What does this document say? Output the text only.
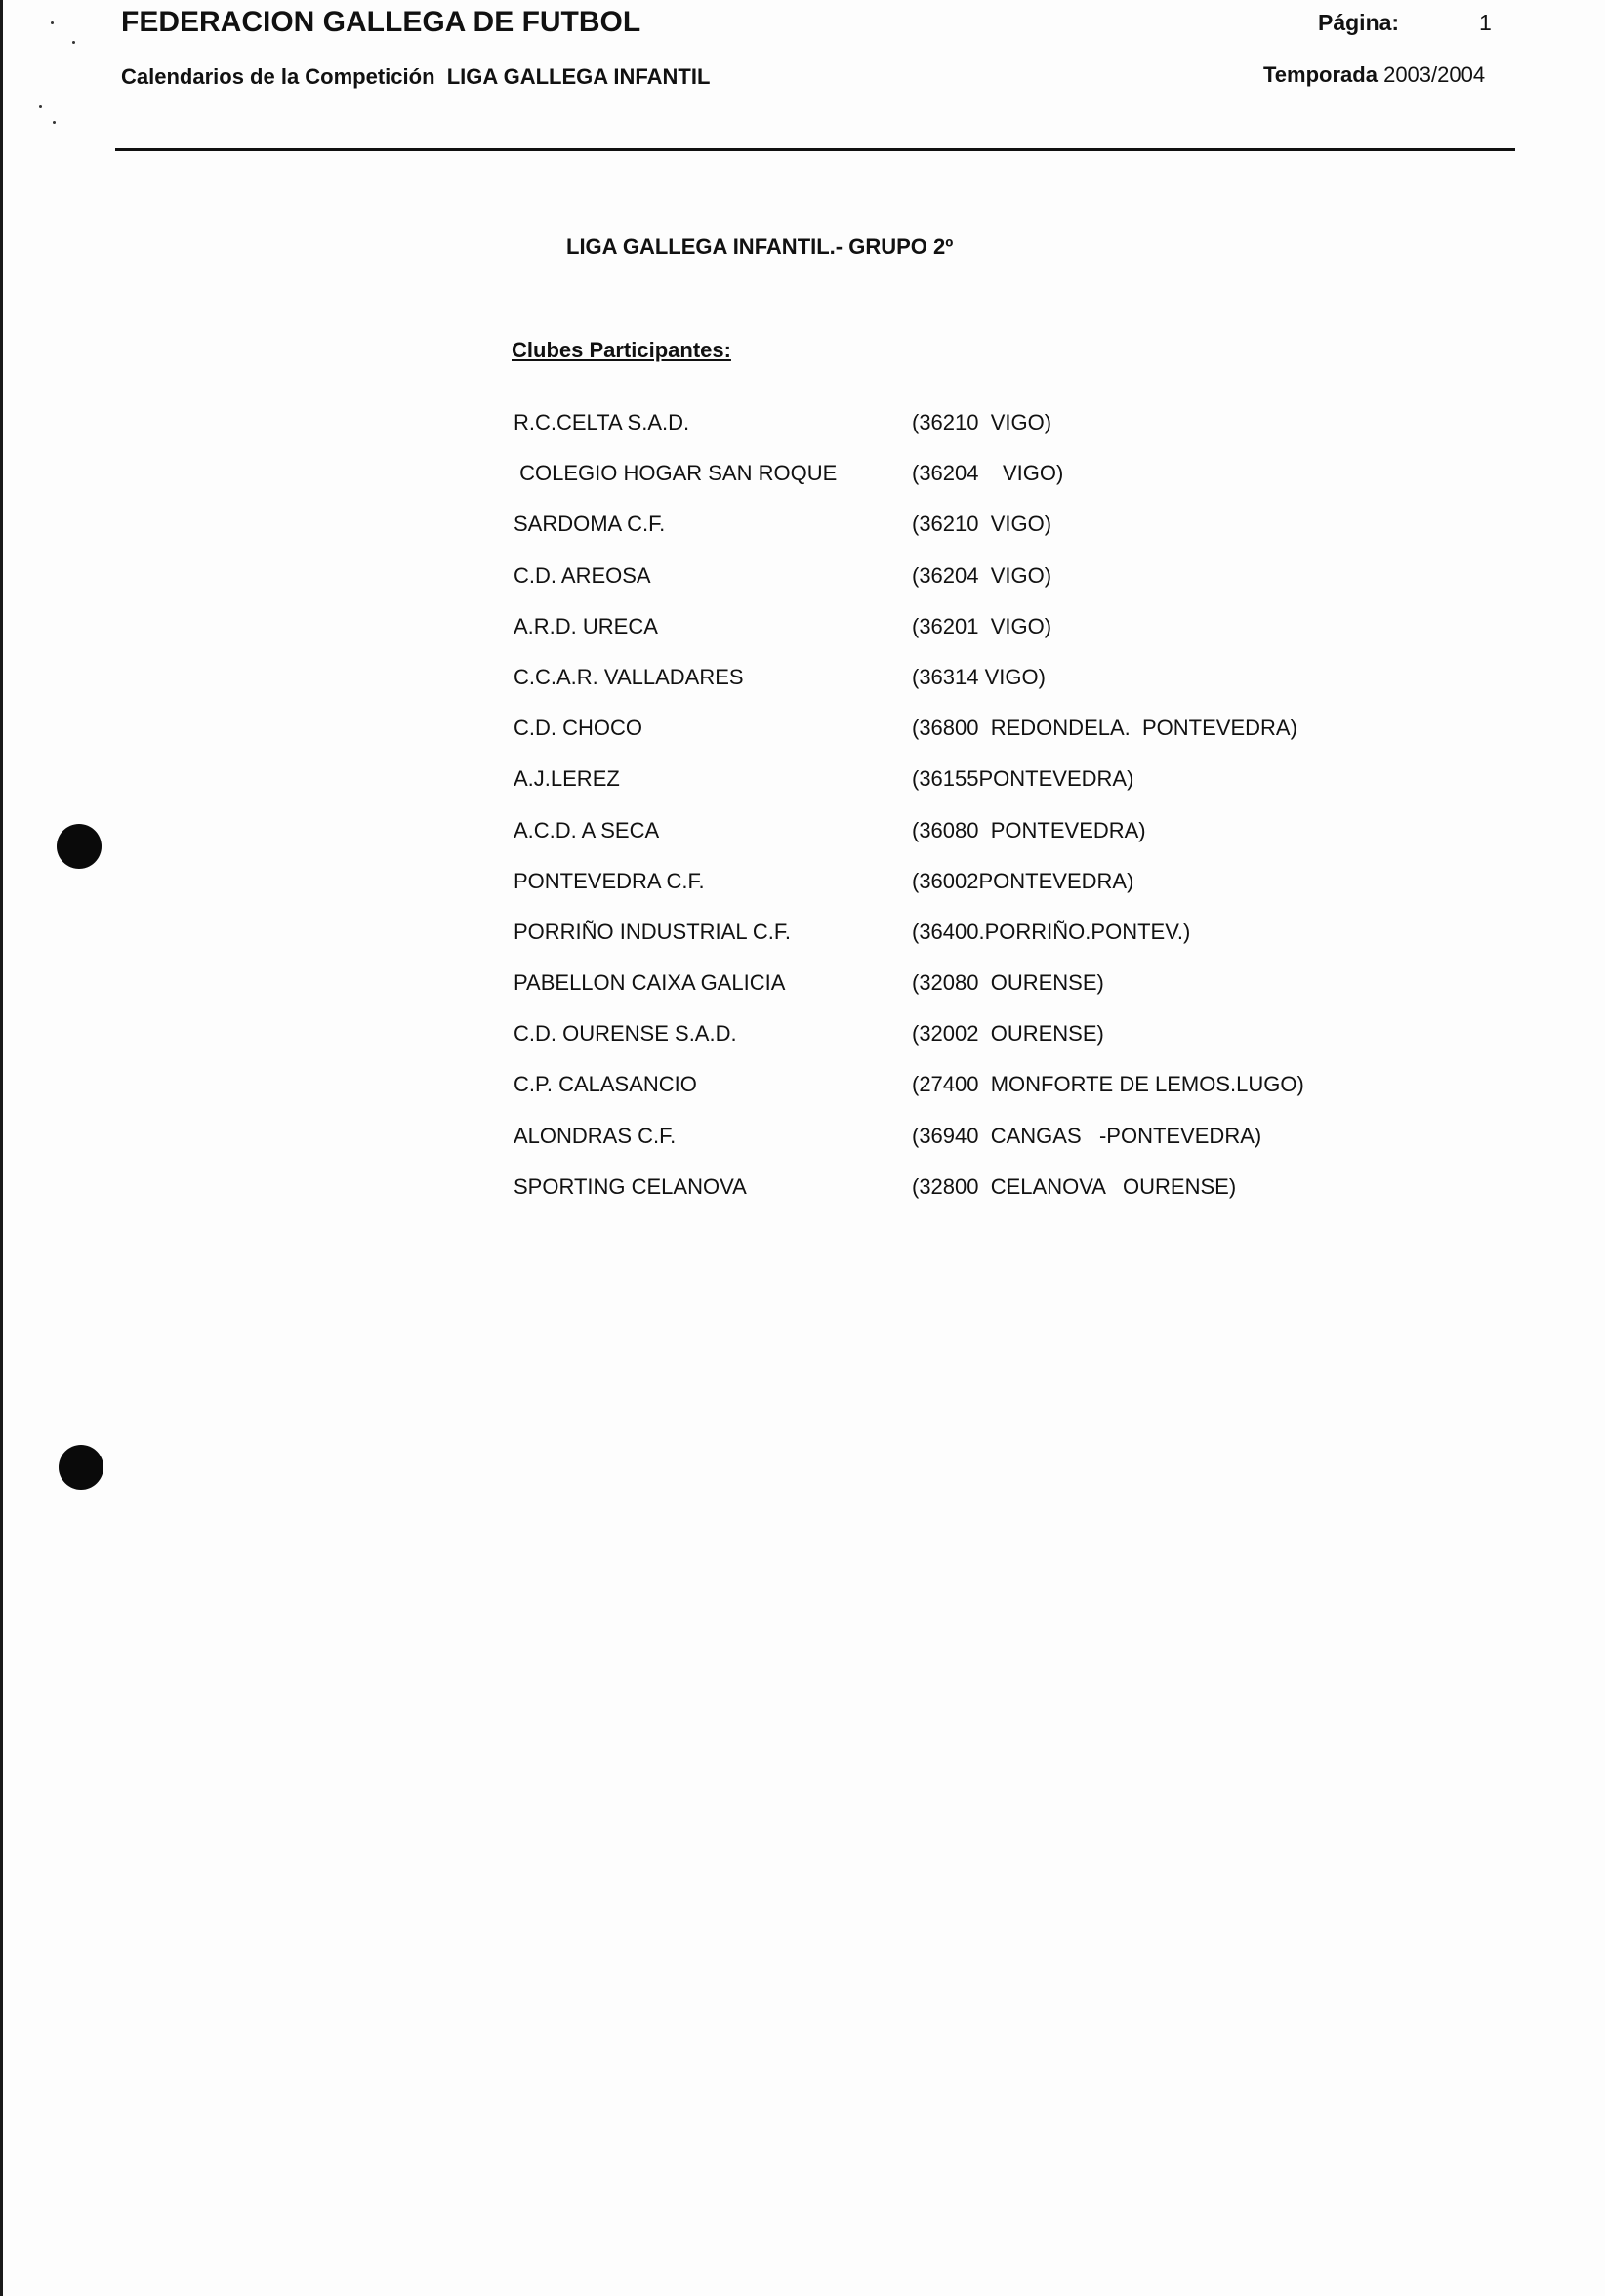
FEDERACION GALLEGA DE FUTBOL	Página:	1
Calendarios de la Competición  LIGA GALLEGA INFANTIL	Temporada 2003/2004
LIGA GALLEGA INFANTIL.- GRUPO 2º
Clubes Participantes:
R.C.CELTA S.A.D.	(36210  VIGO)
COLEGIO HOGAR SAN ROQUE	(36204    VIGO)
SARDOMA C.F.	(36210  VIGO)
C.D. AREOSA	(36204  VIGO)
A.R.D. URECA	(36201  VIGO)
C.C.A.R. VALLADARES	(36314 VIGO)
C.D. CHOCO	(36800  REDONDELA.  PONTEVEDRA)
A.J.LEREZ	(36155PONTEVEDRA)
A.C.D. A SECA	(36080  PONTEVEDRA)
PONTEVEDRA C.F.	(36002PONTEVEDRA)
PORRIÑO INDUSTRIAL C.F.	(36400.PORRIÑO.PONTEV.)
PABELLON CAIXA GALICIA	(32080  OURENSE)
C.D. OURENSE S.A.D.	(32002  OURENSE)
C.P. CALASANCIO	(27400  MONFORTE DE LEMOS.LUGO)
ALONDRAS C.F.	(36940  CANGAS   -PONTEVEDRA)
SPORTING CELANOVA	(32800  CELANOVA   OURENSE)
